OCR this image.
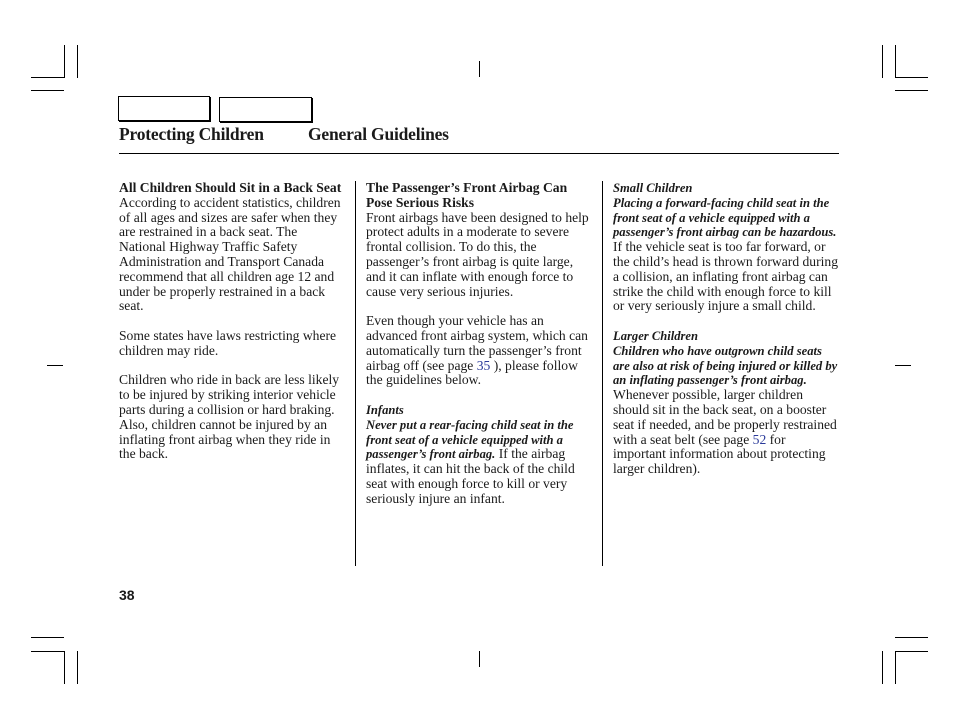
Protecting Children	General Guidelines
All Children Should Sit in a Back Seat

According to accident statistics, children of all ages and sizes are safer when they are restrained in a back seat. The National Highway Traffic Safety Administration and Transport Canada recommend that all children age 12 and under be properly restrained in a back seat.

Some states have laws restricting where children may ride.

Children who ride in back are less likely to be injured by striking interior vehicle parts during a collision or hard braking. Also, children cannot be injured by an inflating front airbag when they ride in the back.

The Passenger’s Front Airbag Can Pose Serious Risks

Front airbags have been designed to help protect adults in a moderate to severe frontal collision. To do this, the passenger’s front airbag is quite large, and it can inflate with enough force to cause very serious injuries.

Even though your vehicle has an advanced front airbag system, which can automatically turn the passenger’s front airbag off (see page 35 ), please follow the guidelines below.

Infants
Never put a rear-facing child seat in the front seat of a vehicle equipped with a passenger’s front airbag. If the airbag inflates, it can hit the back of the child seat with enough force to kill or very seriously injure an infant.

Small Children
Placing a forward-facing child seat in the front seat of a vehicle equipped with a passenger’s front airbag can be hazardous. If the vehicle seat is too far forward, or the child’s head is thrown forward during a collision, an inflating front airbag can strike the child with enough force to kill or very seriously injure a small child.

Larger Children
Children who have outgrown child seats are also at risk of being injured or killed by an inflating passenger’s front airbag. Whenever possible, larger children should sit in the back seat, on a booster seat if needed, and be properly restrained with a seat belt (see page 52 for important information about protecting larger children).

38
